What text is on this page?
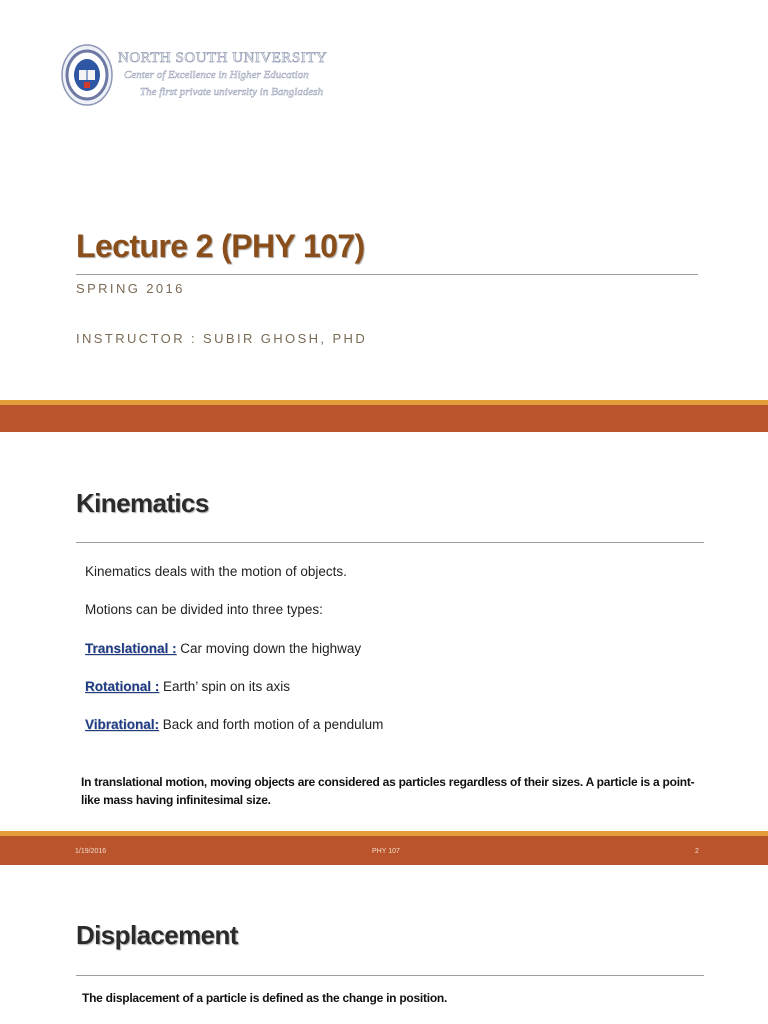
NORTH SOUTH UNIVERSITY
Center of Excellence in Higher Education
The first private university in Bangladesh
Lecture 2 (PHY 107)
SPRING 2016
INSTRUCTOR : SUBIR GHOSH, PHD
Kinematics
Kinematics deals with the motion of objects.
Motions can be divided into three types:
Translational : Car moving down the highway
Rotational : Earth’ spin on its axis
Vibrational: Back and forth motion of a pendulum

In translational motion, moving objects are considered as particles regardless of their sizes. A particle is a point-like mass having infinitesimal size.

1/19/2016	PHY 107	2
Displacement
The displacement of a particle is defined as the change in position.
